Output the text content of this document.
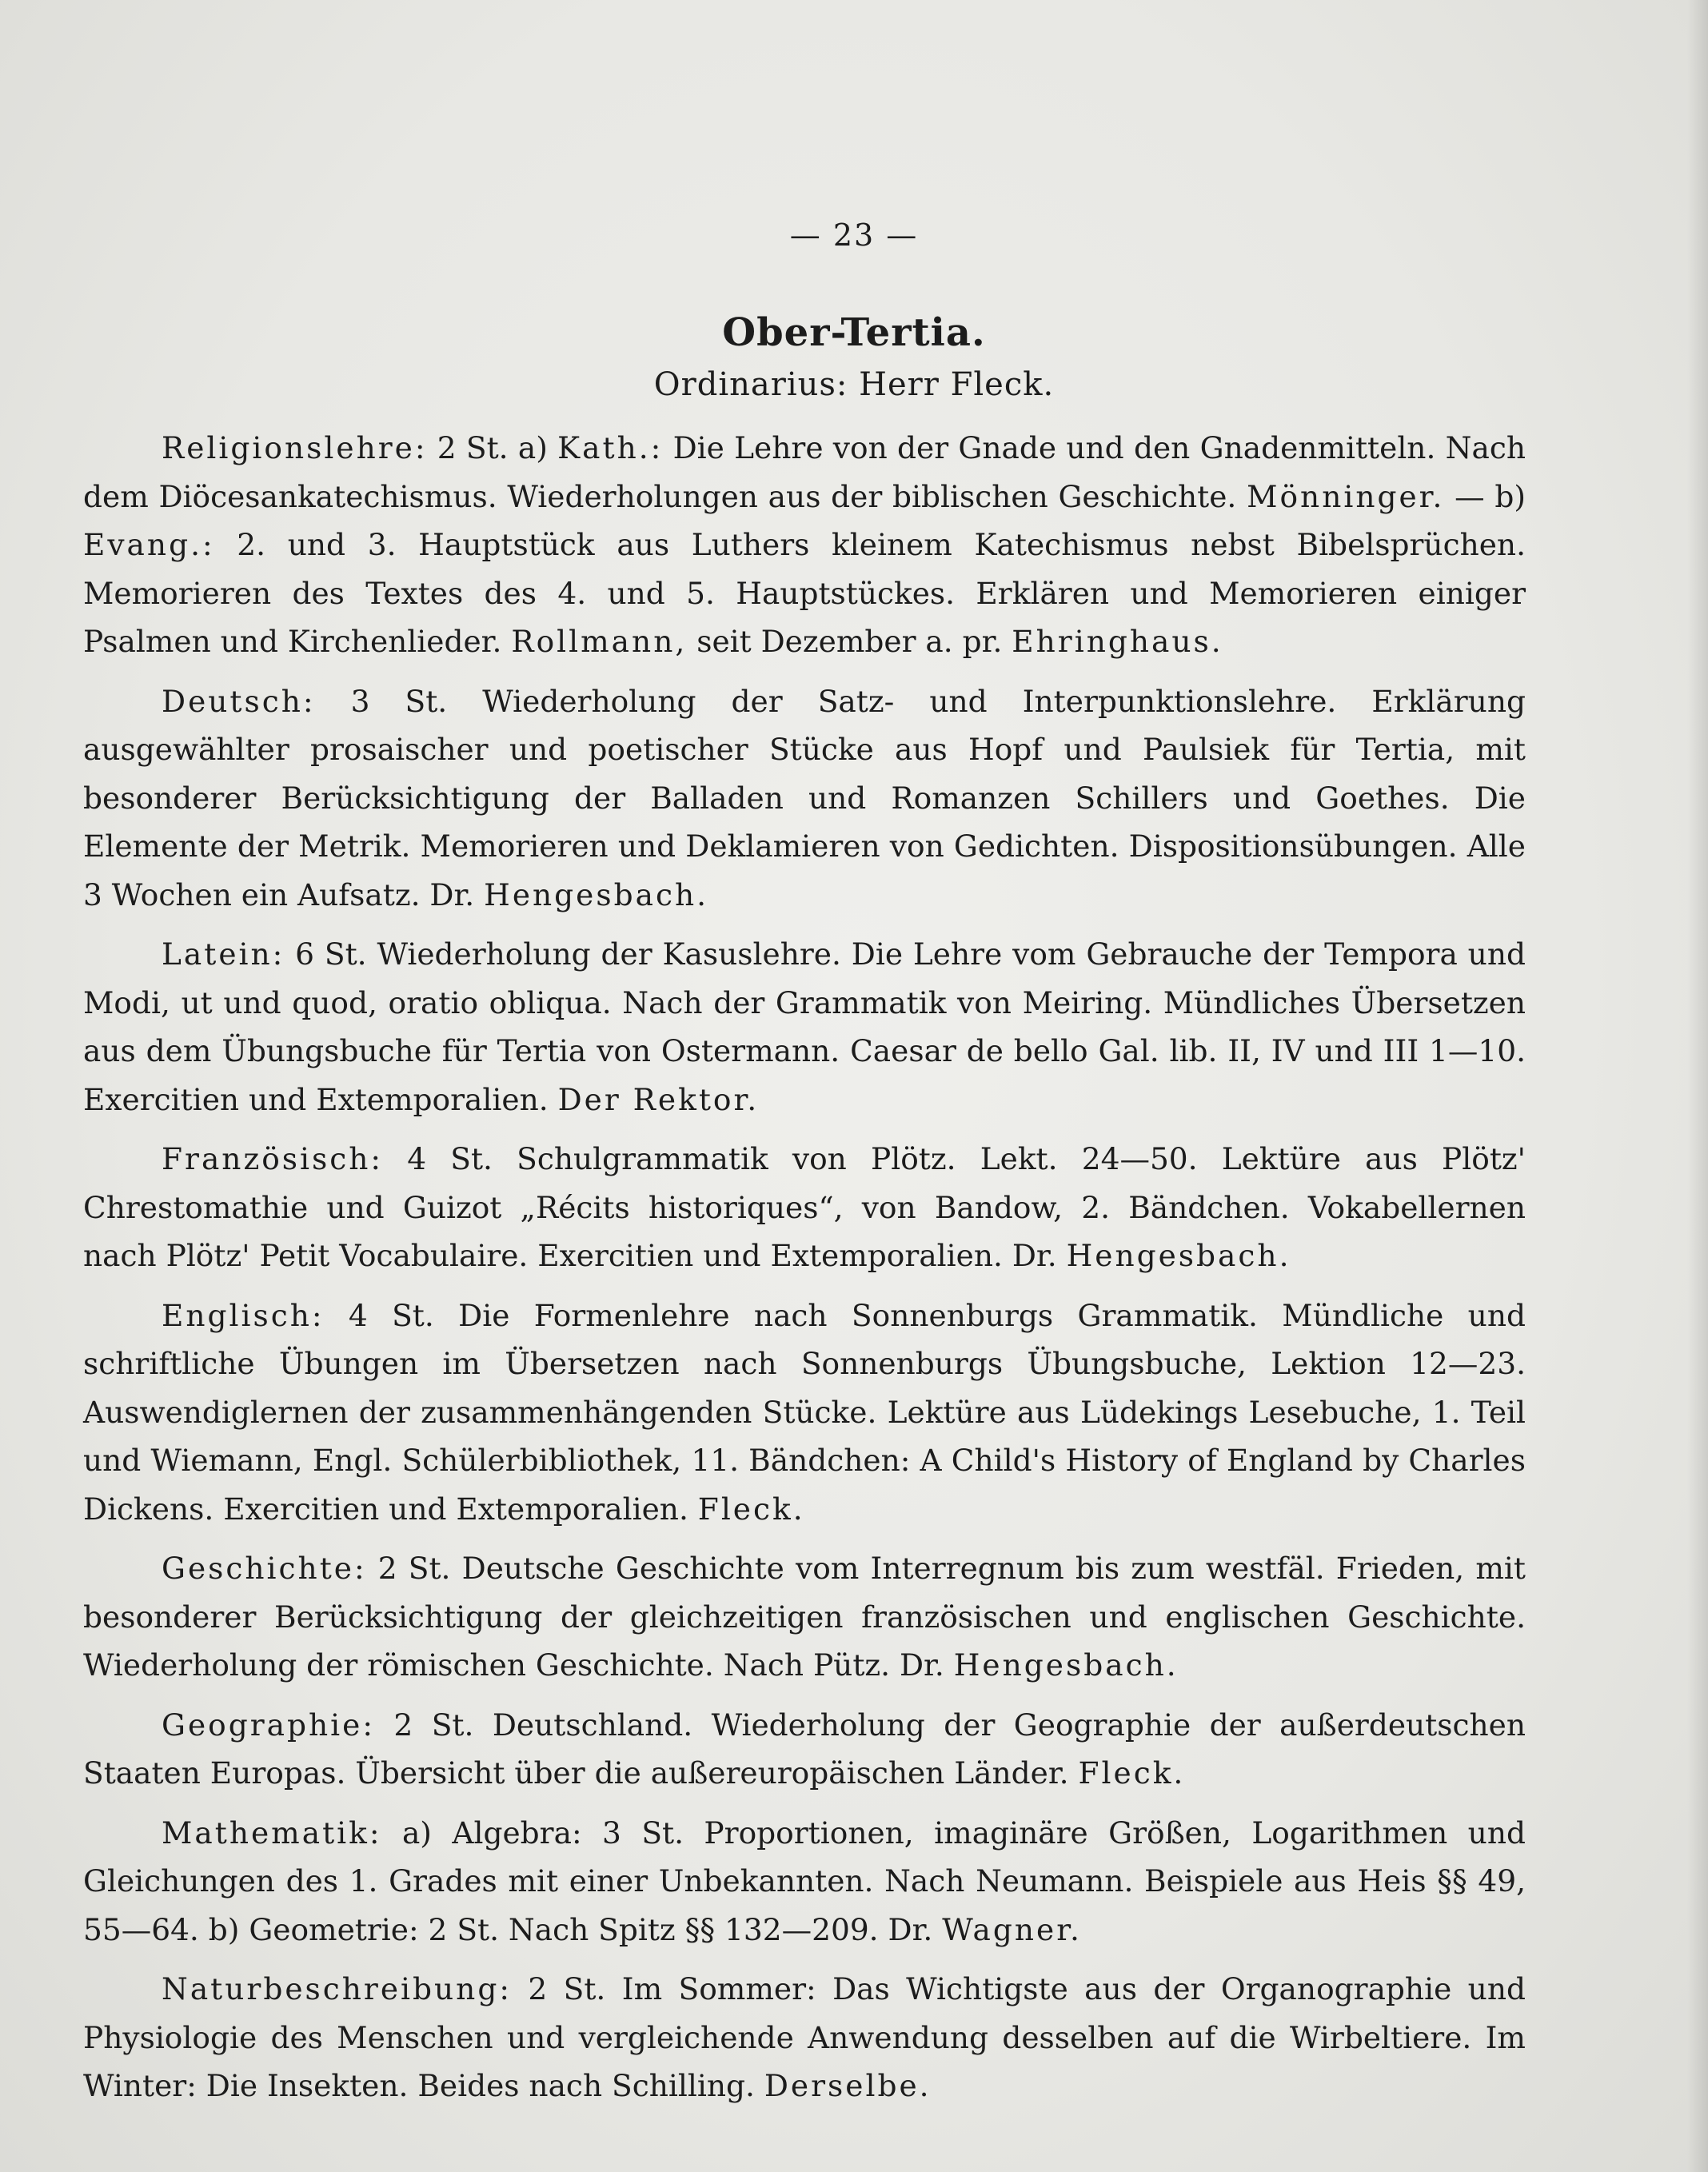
— 23 —
Ober-Tertia.
Ordinarius: Herr Fleck.

Religionslehre: 2 St. a) Kath.: Die Lehre von der Gnade und den Gnadenmitteln. Nach dem Diöcesankatechismus. Wiederholungen aus der biblischen Geschichte. Mönninger. — b) Evang.: 2. und 3. Hauptstück aus Luthers kleinem Katechismus nebst Bibelsprüchen. Memorieren des Textes des 4. und 5. Hauptstückes. Erklären und Memorieren einiger Psalmen und Kirchenlieder. Rollmann, seit Dezember a. pr. Ehringhaus.

Deutsch: 3 St. Wiederholung der Satz- und Interpunktionslehre. Erklärung ausgewählter prosaischer und poetischer Stücke aus Hopf und Paulsiek für Tertia, mit besonderer Berücksichtigung der Balladen und Romanzen Schillers und Goethes. Die Elemente der Metrik. Memorieren und Deklamieren von Gedichten. Dispositionsübungen. Alle 3 Wochen ein Aufsatz. Dr. Hengesbach.

Latein: 6 St. Wiederholung der Kasuslehre. Die Lehre vom Gebrauche der Tempora und Modi, ut und quod, oratio obliqua. Nach der Grammatik von Meiring. Mündliches Übersetzen aus dem Übungsbuche für Tertia von Ostermann. Caesar de bello Gal. lib. II, IV und III 1—10. Exercitien und Extemporalien. Der Rektor.

Französisch: 4 St. Schulgrammatik von Plötz. Lekt. 24—50. Lektüre aus Plötz' Chrestomathie und Guizot „Récits historiques“, von Bandow, 2. Bändchen. Vokabellernen nach Plötz' Petit Vocabulaire. Exercitien und Extemporalien. Dr. Hengesbach.

Englisch: 4 St. Die Formenlehre nach Sonnenburgs Grammatik. Mündliche und schriftliche Übungen im Übersetzen nach Sonnenburgs Übungsbuche, Lektion 12—23. Auswendiglernen der zusammenhängenden Stücke. Lektüre aus Lüdekings Lesebuche, 1. Teil und Wiemann, Engl. Schülerbibliothek, 11. Bändchen: A Child's History of England by Charles Dickens. Exercitien und Extemporalien. Fleck.

Geschichte: 2 St. Deutsche Geschichte vom Interregnum bis zum westfäl. Frieden, mit besonderer Berücksichtigung der gleichzeitigen französischen und englischen Geschichte. Wiederholung der römischen Geschichte. Nach Pütz. Dr. Hengesbach.

Geographie: 2 St. Deutschland. Wiederholung der Geographie der außerdeutschen Staaten Europas. Übersicht über die außereuropäischen Länder. Fleck.

Mathematik: a) Algebra: 3 St. Proportionen, imaginäre Größen, Logarithmen und Gleichungen des 1. Grades mit einer Unbekannten. Nach Neumann. Beispiele aus Heis §§ 49, 55—64. b) Geometrie: 2 St. Nach Spitz §§ 132—209. Dr. Wagner.

Naturbeschreibung: 2 St. Im Sommer: Das Wichtigste aus der Organographie und Physiologie des Menschen und vergleichende Anwendung desselben auf die Wirbeltiere. Im Winter: Die Insekten. Beides nach Schilling. Derselbe.
